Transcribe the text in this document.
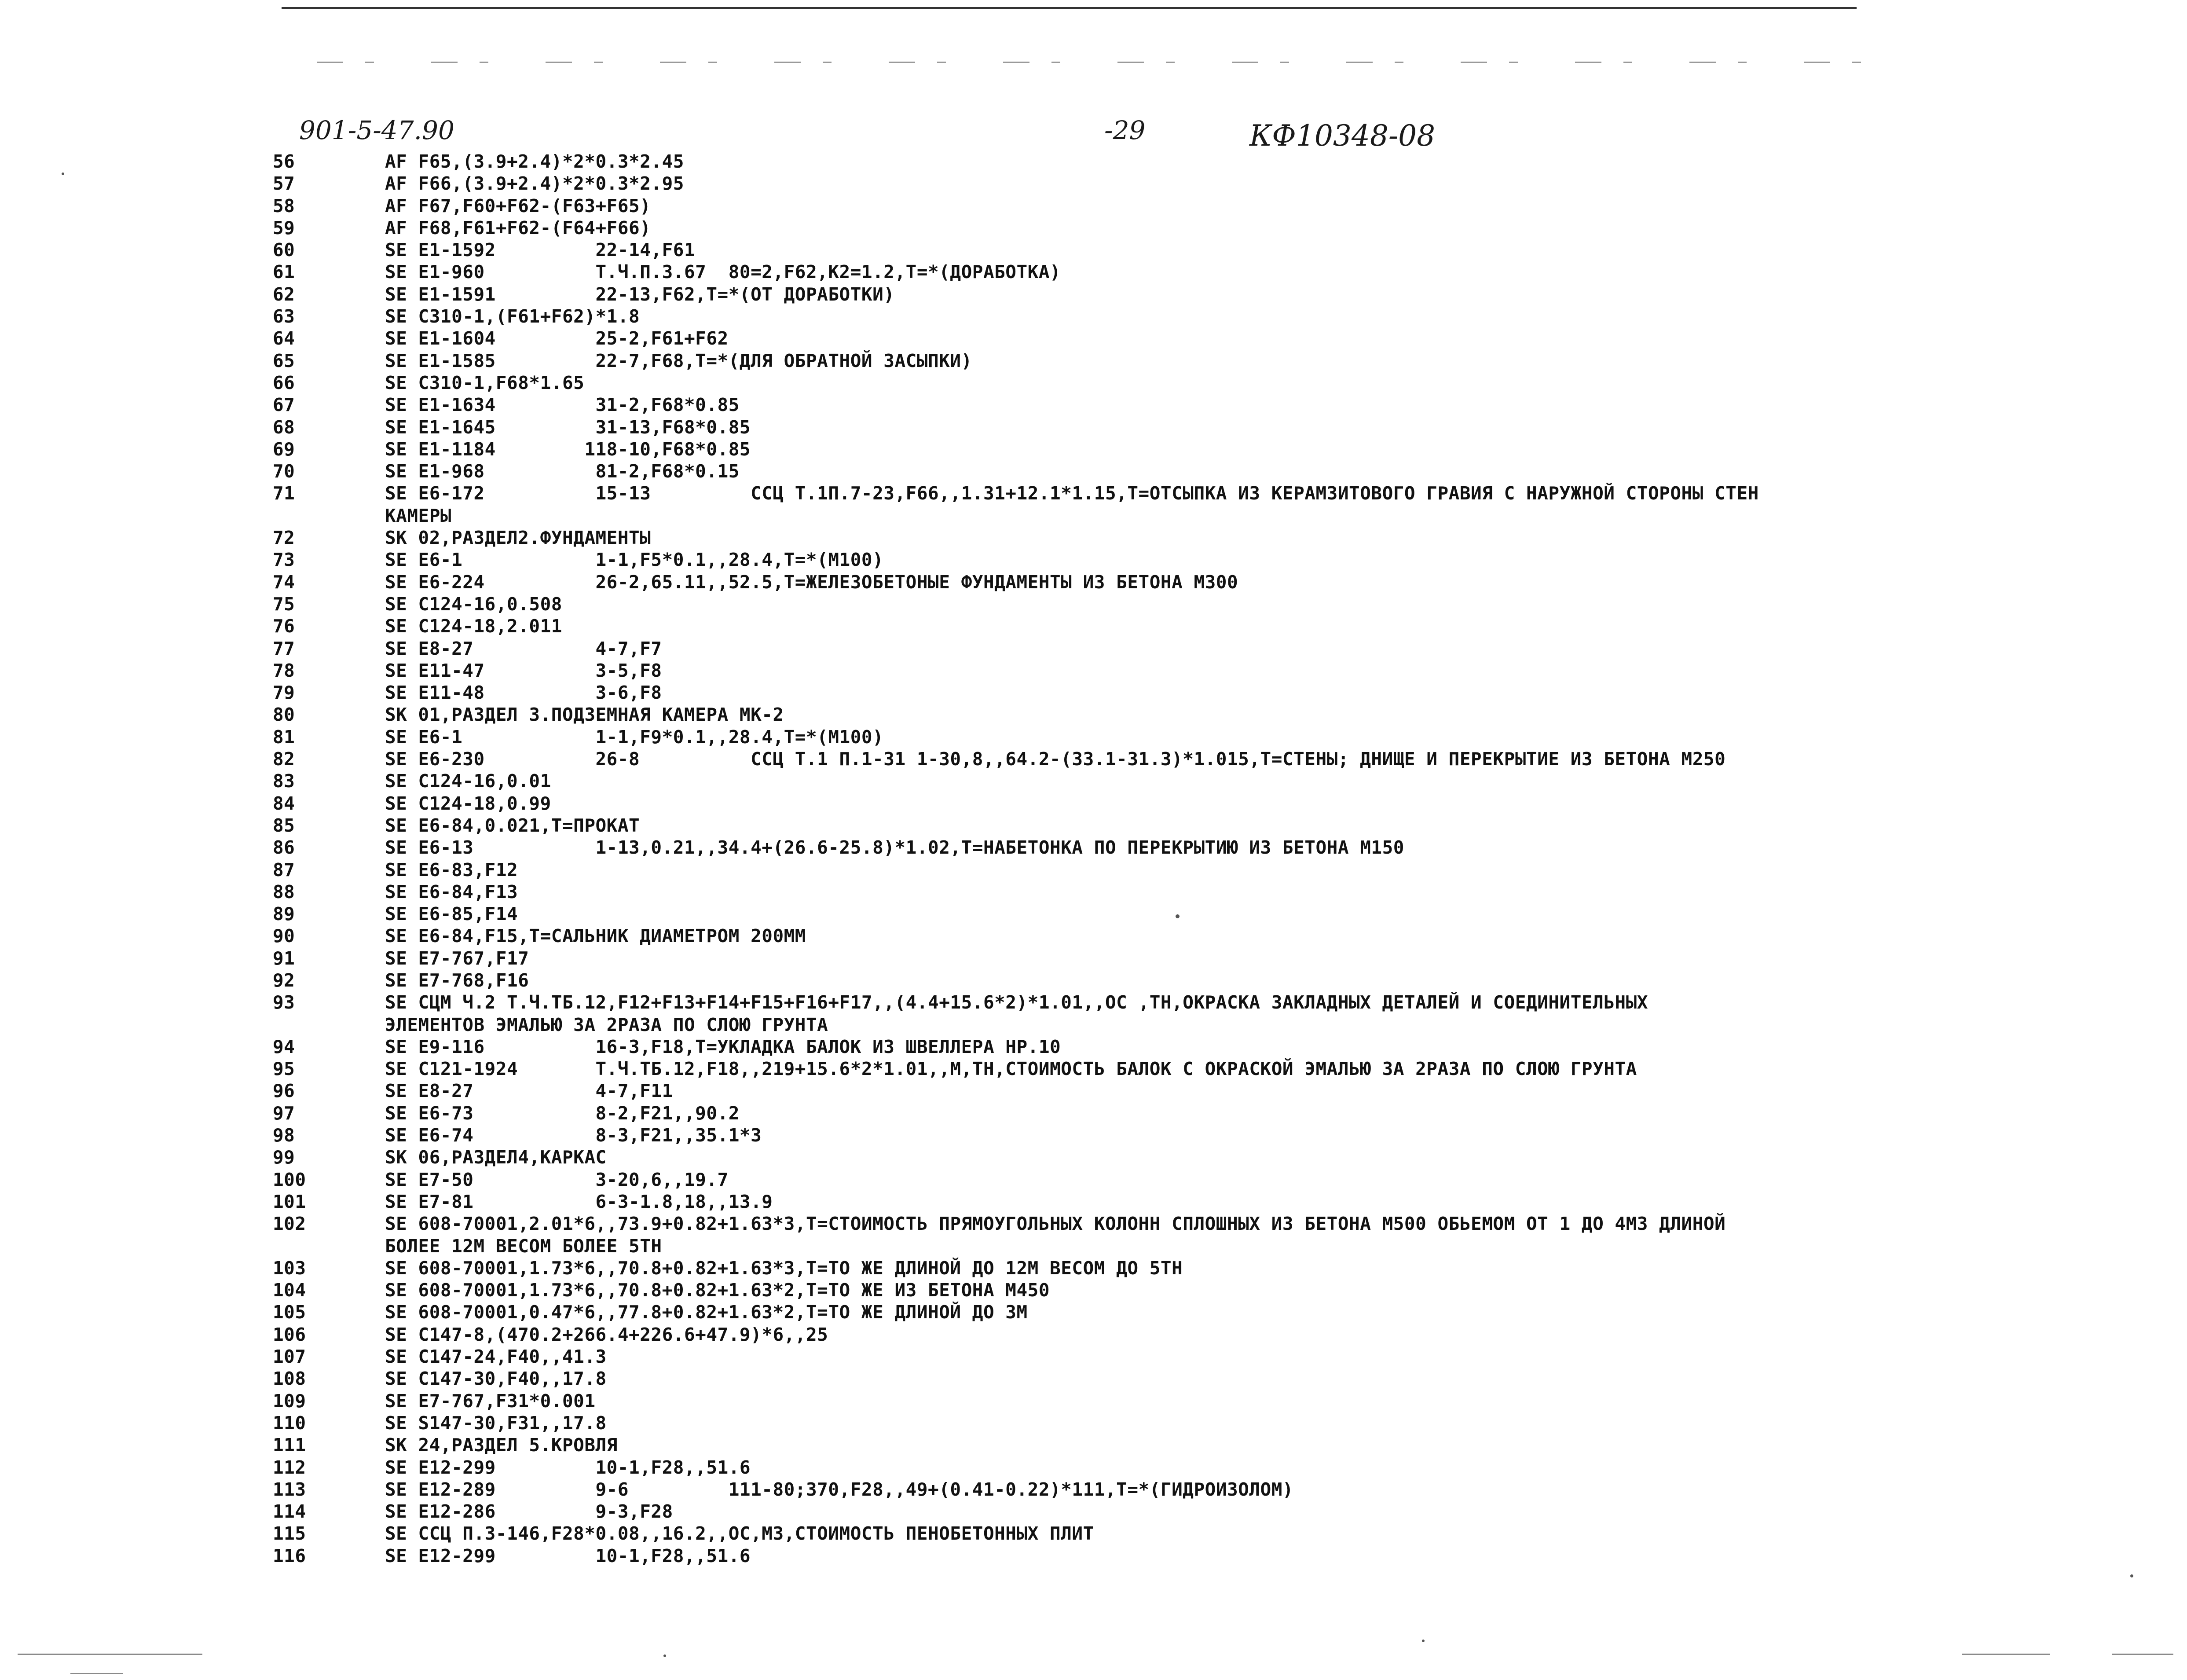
901-5-47.90	-29	КФ10348-08
56	AF F65,(3.9+2.4)*2*0.3*2.45
57	AF F66,(3.9+2.4)*2*0.3*2.95
58	AF F67,F60+F62-(F63+F65)
59	AF F68,F61+F62-(F64+F66)
60	SE E1-1592         22-14,F61
61	SE E1-960          Т.Ч.П.3.67  80=2,F62,K2=1.2,T=*(ДОРАБОТКА)
62	SE E1-1591         22-13,F62,T=*(ОТ ДОРАБОТКИ)
63	SE C310-1,(F61+F62)*1.8
64	SE E1-1604         25-2,F61+F62
65	SE E1-1585         22-7,F68,T=*(ДЛЯ ОБРАТНОЙ ЗАСЫПКИ)
66	SE C310-1,F68*1.65
67	SE E1-1634         31-2,F68*0.85
68	SE E1-1645         31-13,F68*0.85
69	SE E1-1184        118-10,F68*0.85
70	SE E1-968          81-2,F68*0.15
71	SE E6-172          15-13         ССЦ Т.1П.7-23,F66,,1.31+12.1*1.15,T=ОТСЫПКА ИЗ КЕРАМЗИТОВОГО ГРАВИЯ С НАРУЖНОЙ СТОРОНЫ СТЕН
КАМЕРЫ
72	SK 02,РАЗДЕЛ2.ФУНДАМЕНТЫ
73	SE E6-1            1-1,F5*0.1,,28.4,T=*(М100)
74	SE E6-224          26-2,65.11,,52.5,T=ЖЕЛЕЗОБЕТОНЫЕ ФУНДАМЕНТЫ ИЗ БЕТОНА М300
75	SE C124-16,0.508
76	SE C124-18,2.011
77	SE E8-27           4-7,F7
78	SE E11-47          3-5,F8
79	SE E11-48          3-6,F8
80	SK 01,РАЗДЕЛ 3.ПОДЗЕМНАЯ КАМЕРА МК-2
81	SE E6-1            1-1,F9*0.1,,28.4,T=*(М100)
82	SE E6-230          26-8          ССЦ Т.1 П.1-31 1-30,8,,64.2-(33.1-31.3)*1.015,T=СТЕНЫ; ДНИЩЕ И ПЕРЕКРЫТИЕ ИЗ БЕТОНА М250
83	SE C124-16,0.01
84	SE C124-18,0.99
85	SE E6-84,0.021,T=ПРОКАТ
86	SE E6-13           1-13,0.21,,34.4+(26.6-25.8)*1.02,T=НАБЕТОНКА ПО ПЕРЕКРЫТИЮ ИЗ БЕТОНА М150
87	SE E6-83,F12
88	SE E6-84,F13
89	SE E6-85,F14
90	SE E6-84,F15,T=САЛЬНИК ДИАМЕТРОМ 200ММ
91	SE E7-767,F17
92	SE E7-768,F16
93	SE СЦМ Ч.2 Т.Ч.ТБ.12,F12+F13+F14+F15+F16+F17,,(4.4+15.6*2)*1.01,,ОС ,ТН,ОКРАСКА ЗАКЛАДНЫХ ДЕТАЛЕЙ И СОЕДИНИТЕЛЬНЫХ
ЭЛЕМЕНТОВ ЭМАЛЬЮ ЗА 2РАЗА ПО СЛОЮ ГРУНТА
94	SE E9-116          16-3,F18,T=УКЛАДКА БАЛОК ИЗ ШВЕЛЛЕРА НР.10
95	SE C121-1924       Т.Ч.ТБ.12,F18,,219+15.6*2*1.01,,М,ТН,СТОИМОСТЬ БАЛОК С ОКРАСКОЙ ЭМАЛЬЮ ЗА 2РАЗА ПО СЛОЮ ГРУНТА
96	SE E8-27           4-7,F11
97	SE E6-73           8-2,F21,,90.2
98	SE E6-74           8-3,F21,,35.1*3
99	SK 06,РАЗДЕЛ4,КАРКАС
100	SE E7-50           3-20,6,,19.7
101	SE E7-81           6-3-1.8,18,,13.9
102	SE 608-70001,2.01*6,,73.9+0.82+1.63*3,T=СТОИМОСТЬ ПРЯМОУГОЛЬНЫХ КОЛОНН СПЛОШНЫХ ИЗ БЕТОНА М500 ОБЬЕМОМ ОТ 1 ДО 4М3 ДЛИНОЙ
БОЛЕЕ 12М ВЕСОМ БОЛЕЕ 5ТН
103	SE 608-70001,1.73*6,,70.8+0.82+1.63*3,T=ТО ЖЕ ДЛИНОЙ ДО 12М ВЕСОМ ДО 5ТН
104	SE 608-70001,1.73*6,,70.8+0.82+1.63*2,T=ТО ЖЕ ИЗ БЕТОНА М450
105	SE 608-70001,0.47*6,,77.8+0.82+1.63*2,T=ТО ЖЕ ДЛИНОЙ ДО 3М
106	SE C147-8,(470.2+266.4+226.6+47.9)*6,,25
107	SE C147-24,F40,,41.3
108	SE C147-30,F40,,17.8
109	SE E7-767,F31*0.001
110	SE S147-30,F31,,17.8
111	SK 24,РАЗДЕЛ 5.КРОВЛЯ
112	SE E12-299         10-1,F28,,51.6
113	SE E12-289         9-6         111-80;370,F28,,49+(0.41-0.22)*111,T=*(ГИДРОИЗОЛОМ)
114	SE E12-286         9-3,F28
115	SE ССЦ П.3-146,F28*0.08,,16.2,,ОС,М3,СТОИМОСТЬ ПЕНОБЕТОННЫХ ПЛИТ
116	SE E12-299         10-1,F28,,51.6
